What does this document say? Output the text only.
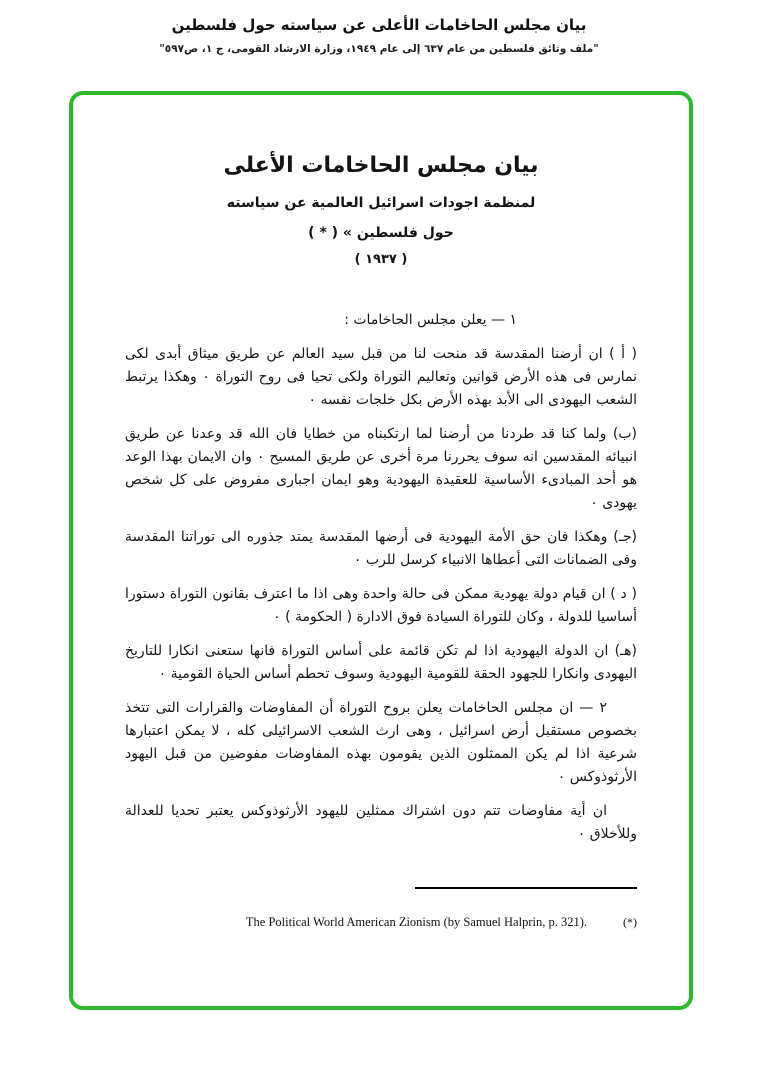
بيان مجلس الحاخامات الأعلى عن سياسته حول فلسطين
"ملف وثائق فلسطين من عام ٦٣٧ إلى عام ١٩٤٩، وزارة الارشاد القومى، ج ١، ص٥٩٧"
بيان مجلس الحاخامات الأعلى
لمنظمة اجودات اسرائيل العالمية عن سياسته
حول فلسطين » ( * )
( ١٩٣٧ )

١ — يعلن مجلس الحاخامات :

( أ ) ان أرضنا المقدسة قد منحت لنا من قبل سيد العالم عن طريق ميثاق أبدى لكى نمارس فى هذه الأرض قوانين وتعاليم التوراة ولكى تحيا فى روح التوراة ٠ وهكذا يرتبط الشعب اليهودى الى الأبد بهذه الأرض بكل خلجات نفسه ٠

(ب) ولما كنا قد طردنا من أرضنا لما ارتكبناه من خطايا فان الله قد وعدنا عن طريق انبيائه المقدسين انه سوف يحررنا مرة أخرى عن طريق المسيح ٠ وان الايمان بهذا الوعد هو أحد المبادىء الأساسية للعقيدة اليهودية وهو ايمان اجبارى مفروض على كل شخص يهودى ٠

(جـ) وهكذا فان حق الأمة اليهودية فى أرضها المقدسة يمتد جذوره الى توراتنا المقدسة وفى الضمانات التى أعطاها الانبياء كرسل للرب ٠

( د ) ان قيام دولة يهودية ممكن فى حالة واحدة وهى اذا ما اعترف بقانون التوراة دستورا أساسيا للدولة ، وكان للتوراة السيادة فوق الادارة ( الحكومة ) ٠

(هـ) ان الدولة اليهودية اذا لم تكن قائمة على أساس التوراة فانها ستعنى انكارا للتاريخ اليهودى وانكارا للجهود الحقة للقومية اليهودية وسوف تحطم أساس الحياة القومية ٠

٢ — ان مجلس الحاخامات يعلن بروح التوراة أن المفاوضات والقرارات التى تتخذ بخصوص مستقبل أرض اسرائيل ، وهى ارث الشعب الاسرائيلى كله ، لا يمكن اعتبارها شرعية اذا لم يكن الممثلون الذين يقومون بهذه المفاوضات مفوضين من قبل اليهود الأرثوذوكس ٠

ان أية مفاوضات تتم دون اشتراك ممثلين لليهود الأرثوذوكس يعتبر تحديا للعدالة وللأخلاق ٠

(*)
The Political World American Zionism (by Samuel Halprin, p. 321).
